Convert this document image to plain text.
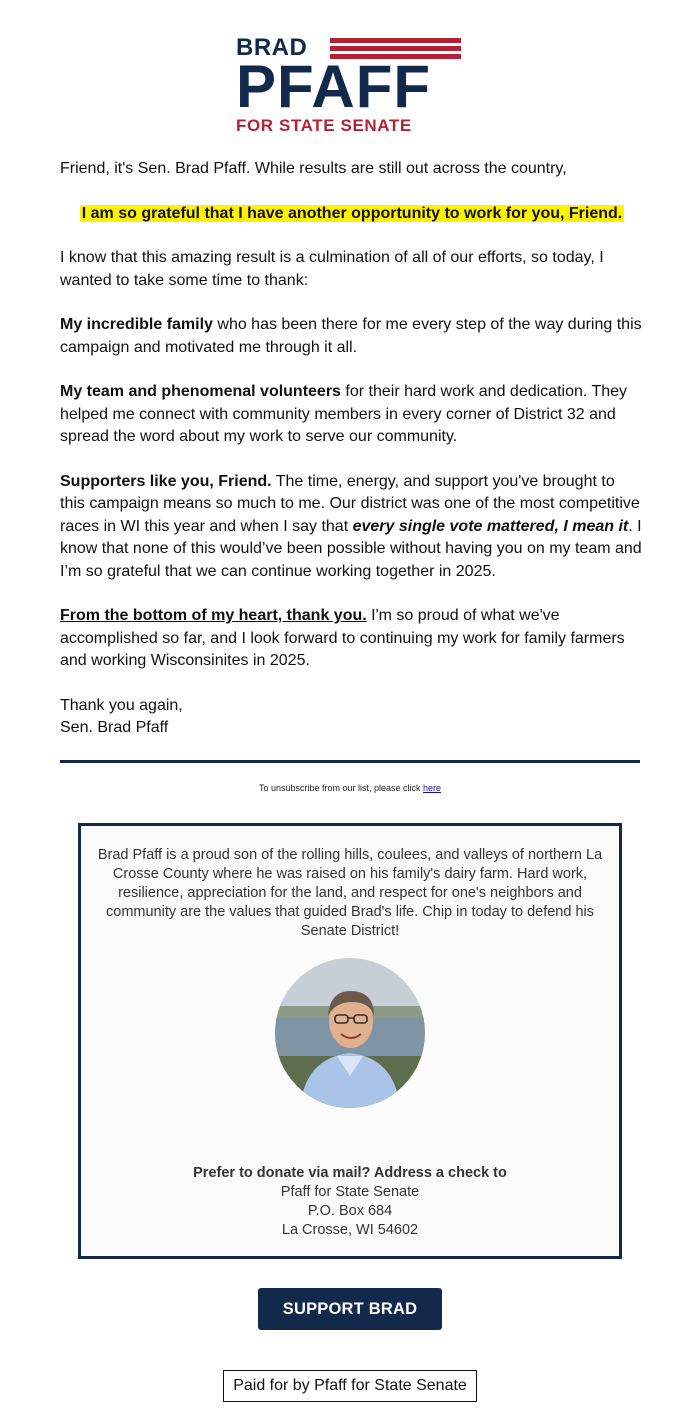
BRAD
PFAFF
FOR STATE SENATE

Friend, it's Sen. Brad Pfaff. While results are still out across the country,

I am so grateful that I have another opportunity to work for you, Friend.

I know that this amazing result is a culmination of all of our efforts, so today, I wanted to take some time to thank:

My incredible family who has been there for me every step of the way during this campaign and motivated me through it all.

My team and phenomenal volunteers for their hard work and dedication. They helped me connect with community members in every corner of District 32 and spread the word about my work to serve our community.

Supporters like you, Friend. The time, energy, and support you've brought to this campaign means so much to me. Our district was one of the most competitive races in WI this year and when I say that every single vote mattered, I mean it. I know that none of this would’ve been possible without having you on my team and I’m so grateful that we can continue working together in 2025.

From the bottom of my heart, thank you. I'm so proud of what we've accomplished so far, and I look forward to continuing my work for family farmers and working Wisconsinites in 2025.

Thank you again,
Sen. Brad Pfaff

To unsubscribe from our list, please click here
Brad Pfaff is a proud son of the rolling hills, coulees, and valleys of northern La Crosse County where he was raised on his family's dairy farm. Hard work, resilience, appreciation for the land, and respect for one's neighbors and community are the values that guided Brad's life. Chip in today to defend his Senate District!
Prefer to donate via mail? Address a check to
Pfaff for State Senate
P.O. Box 684
La Crosse, WI 54602
SUPPORT BRAD
Paid for by Pfaff for State Senate
